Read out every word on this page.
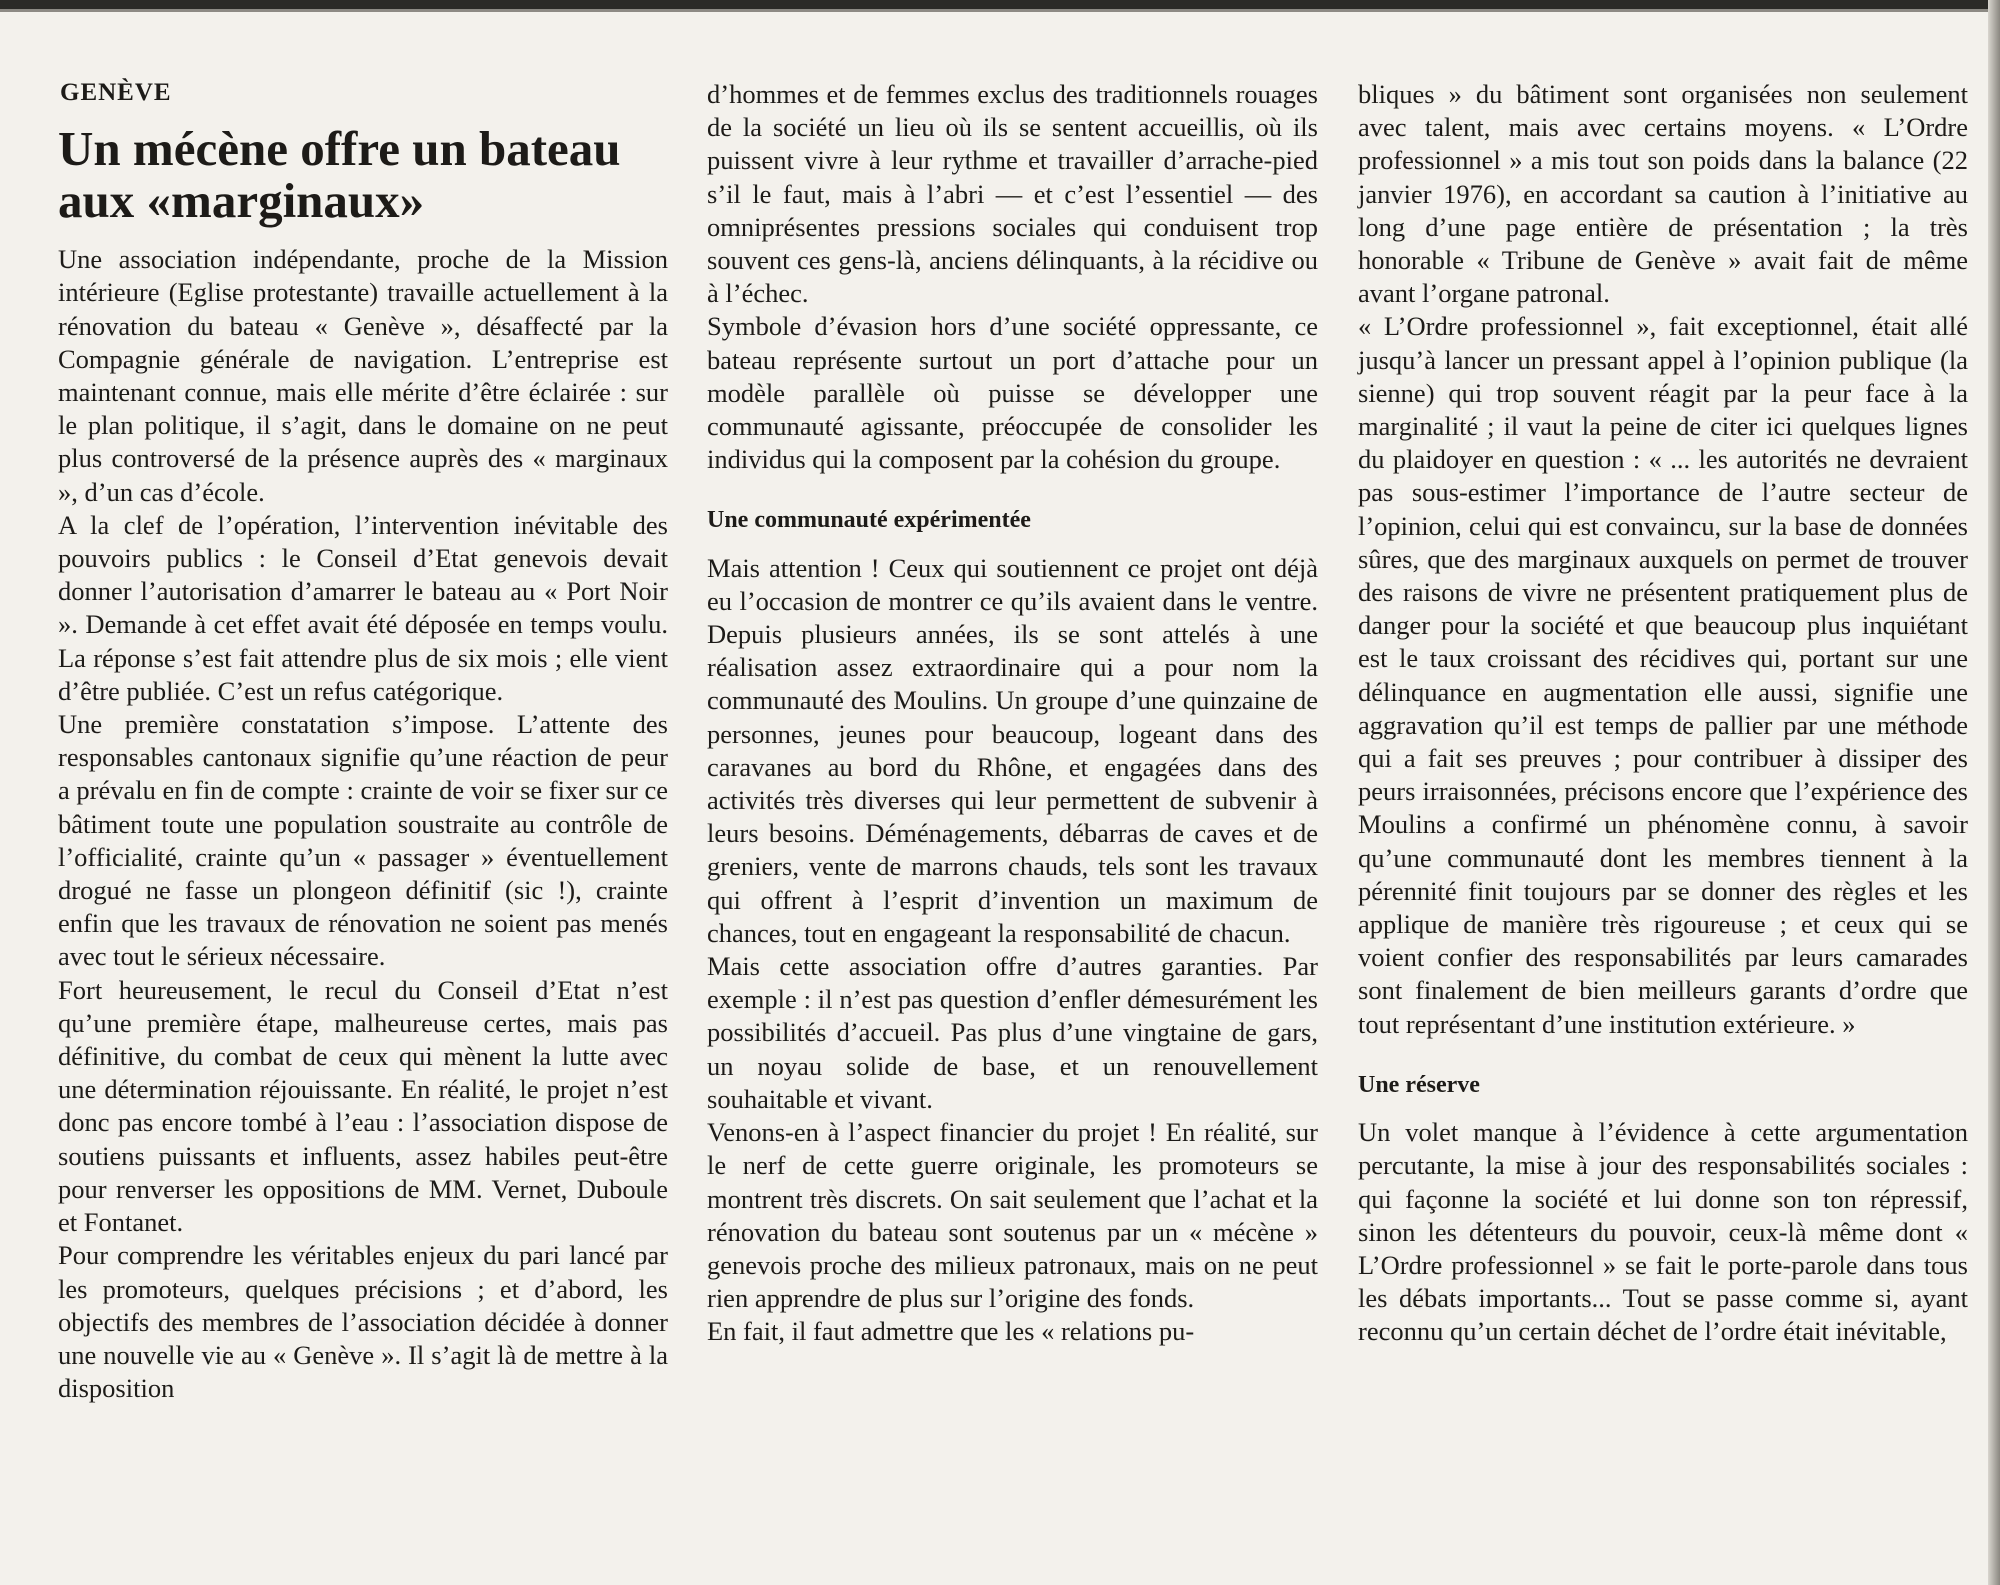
GENÈVE
Un mécène offre un bateau
aux «marginaux»

Une association indépendante, proche de la Mission intérieure (Eglise protestante) travaille actuellement à la rénovation du bateau « Genève », désaffecté par la Compagnie générale de navigation. L’entreprise est maintenant connue, mais elle mérite d’être éclairée : sur le plan politique, il s’agit, dans le domaine on ne peut plus controversé de la présence auprès des « marginaux », d’un cas d’école.

A la clef de l’opération, l’intervention inévitable des pouvoirs publics : le Conseil d’Etat genevois devait donner l’autorisation d’amarrer le bateau au « Port Noir ». Demande à cet effet avait été déposée en temps voulu. La réponse s’est fait attendre plus de six mois ; elle vient d’être publiée. C’est un refus catégorique.

Une première constatation s’impose. L’attente des responsables cantonaux signifie qu’une réaction de peur a prévalu en fin de compte : crainte de voir se fixer sur ce bâtiment toute une population soustraite au contrôle de l’officialité, crainte qu’un « passager » éventuellement drogué ne fasse un plongeon définitif (sic !), crainte enfin que les travaux de rénovation ne soient pas menés avec tout le sérieux nécessaire.

Fort heureusement, le recul du Conseil d’Etat n’est qu’une première étape, malheureuse certes, mais pas définitive, du combat de ceux qui mènent la lutte avec une détermination réjouissante. En réalité, le projet n’est donc pas encore tombé à l’eau : l’association dispose de soutiens puissants et influents, assez habiles peut-être pour renverser les oppositions de MM. Vernet, Duboule et Fontanet.

Pour comprendre les véritables enjeux du pari lancé par les promoteurs, quelques précisions ; et d’abord, les objectifs des membres de l’association décidée à donner une nouvelle vie au « Genève ». Il s’agit là de mettre à la disposition

d’hommes et de femmes exclus des traditionnels rouages de la société un lieu où ils se sentent accueillis, où ils puissent vivre à leur rythme et travailler d’arrache-pied s’il le faut, mais à l’abri — et c’est l’essentiel — des omniprésentes pressions sociales qui conduisent trop souvent ces gens-là, anciens délinquants, à la récidive ou à l’échec.

Symbole d’évasion hors d’une société oppressante, ce bateau représente surtout un port d’attache pour un modèle parallèle où puisse se développer une communauté agissante, préoccupée de consolider les individus qui la composent par la cohésion du groupe.

Une communauté expérimentée

Mais attention ! Ceux qui soutiennent ce projet ont déjà eu l’occasion de montrer ce qu’ils avaient dans le ventre. Depuis plusieurs années, ils se sont attelés à une réalisation assez extraordinaire qui a pour nom la communauté des Moulins. Un groupe d’une quinzaine de personnes, jeunes pour beaucoup, logeant dans des caravanes au bord du Rhône, et engagées dans des activités très diverses qui leur permettent de subvenir à leurs besoins. Déménagements, débarras de caves et de greniers, vente de marrons chauds, tels sont les travaux qui offrent à l’esprit d’invention un maximum de chances, tout en engageant la responsabilité de chacun.

Mais cette association offre d’autres garanties. Par exemple : il n’est pas question d’enfler démesurément les possibilités d’accueil. Pas plus d’une vingtaine de gars, un noyau solide de base, et un renouvellement souhaitable et vivant.

Venons-en à l’aspect financier du projet ! En réalité, sur le nerf de cette guerre originale, les promoteurs se montrent très discrets. On sait seulement que l’achat et la rénovation du bateau sont soutenus par un « mécène » genevois proche des milieux patronaux, mais on ne peut rien apprendre de plus sur l’origine des fonds.

En fait, il faut admettre que les « relations pu-

bliques » du bâtiment sont organisées non seulement avec talent, mais avec certains moyens. « L’Ordre professionnel » a mis tout son poids dans la balance (22 janvier 1976), en accordant sa caution à l’initiative au long d’une page entière de présentation ; la très honorable « Tribune de Genève » avait fait de même avant l’organe patronal.

« L’Ordre professionnel », fait exceptionnel, était allé jusqu’à lancer un pressant appel à l’opinion publique (la sienne) qui trop souvent réagit par la peur face à la marginalité ; il vaut la peine de citer ici quelques lignes du plaidoyer en question : « ... les autorités ne devraient pas sous-estimer l’importance de l’autre secteur de l’opinion, celui qui est convaincu, sur la base de données sûres, que des marginaux auxquels on permet de trouver des raisons de vivre ne présentent pratiquement plus de danger pour la société et que beaucoup plus inquiétant est le taux croissant des récidives qui, portant sur une délinquance en augmentation elle aussi, signifie une aggravation qu’il est temps de pallier par une méthode qui a fait ses preuves ; pour contribuer à dissiper des peurs irraisonnées, précisons encore que l’expérience des Moulins a confirmé un phénomène connu, à savoir qu’une communauté dont les membres tiennent à la pérennité finit toujours par se donner des règles et les applique de manière très rigoureuse ; et ceux qui se voient confier des responsabilités par leurs camarades sont finalement de bien meilleurs garants d’ordre que tout représentant d’une institution extérieure. »

Une réserve

Un volet manque à l’évidence à cette argumentation percutante, la mise à jour des responsabilités sociales : qui façonne la société et lui donne son ton répressif, sinon les détenteurs du pouvoir, ceux-là même dont « L’Ordre professionnel » se fait le porte-parole dans tous les débats importants... Tout se passe comme si, ayant reconnu qu’un certain déchet de l’ordre était inévitable,
